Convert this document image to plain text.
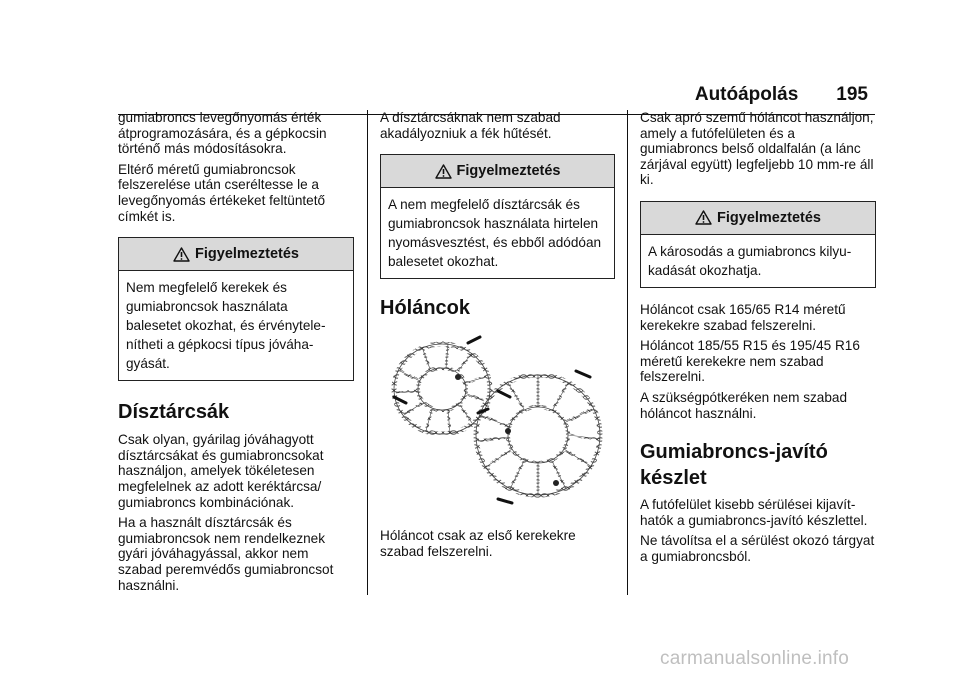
Autóápolás 195

gumiabroncs levegőnyomás érték átprogramozására, és a gépkocsin történő más módosításokra.

Eltérő méretű gumiabroncsok felszerelése után cseréltesse le a levegőnyomás értékeket feltüntető címkét is.

Figyelmeztetés
Nem megfelelő kerekek és gumiabroncsok használata balesetet okozhat, és érvénytele-nítheti a gépkocsi típus jóváha-gyását.
Dísztárcsák

Csak olyan, gyárilag jóváhagyott dísztárcsákat és gumiabroncsokat használjon, amelyek tökéletesen megfelelnek az adott keréktárcsa/ gumiabroncs kombinációnak.

Ha a használt dísztárcsák és gumiabroncsok nem rendelkeznek gyári jóváhagyással, akkor nem szabad peremvédős gumiabroncsot használni.

A dísztárcsáknak nem szabad akadályozniuk a fék hűtését.

Figyelmeztetés
A nem megfelelő dísztárcsák és gumiabroncsok használata hirtelen nyomásvesztést, és ebből adódóan balesetet okozhat.
Hóláncok

Hóláncot csak az első kerekekre szabad felszerelni.

Csak apró szemű hóláncot használjon, amely a futófelületen és a gumiabroncs belső oldalfalán (a lánc zárjával együtt) legfeljebb 10 mm-re áll ki.

Figyelmeztetés
A károsodás a gumiabroncs kilyu-kadását okozhatja.

Hóláncot csak 165/65 R14 méretű kerekekre szabad felszerelni.

Hóláncot 185/55 R15 és 195/45 R16 méretű kerekekre nem szabad felszerelni.

A szükségpótkeréken nem szabad hóláncot használni.

Gumiabroncs-javító készlet

A futófelület kisebb sérülései kijavít-hatók a gumiabroncs-javító készlettel.

Ne távolítsa el a sérülést okozó tárgyat a gumiabroncsból.

carmanualsonline.info
